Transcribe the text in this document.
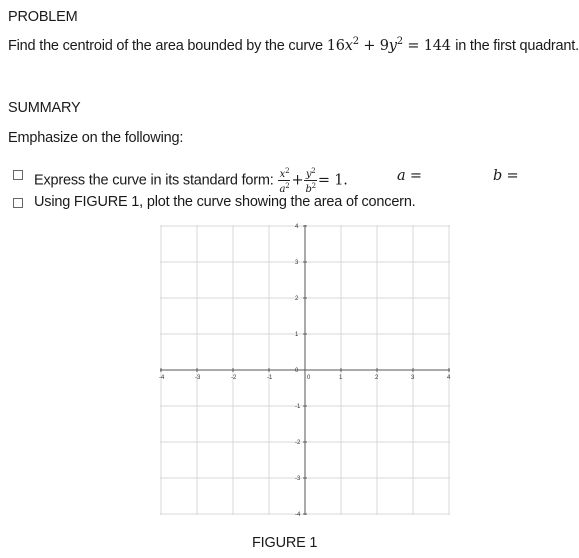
PROBLEM
Find the centroid of the area bounded by the curve $16x^2 + 9y^2 = 144$ in the first quadrant.
SUMMARY
Emphasize on the following:
Express the curve in its standard form: $\frac{x^2}{a^2} + \frac{y^2}{b^2} = 1$.	a =	b =
Using FIGURE 1, plot the curve showing the area of concern.
-4	-3	-2	-1	0	1	2	3	4
4
3
2
1
0
-1
-2
-3
-4
FIGURE 1
